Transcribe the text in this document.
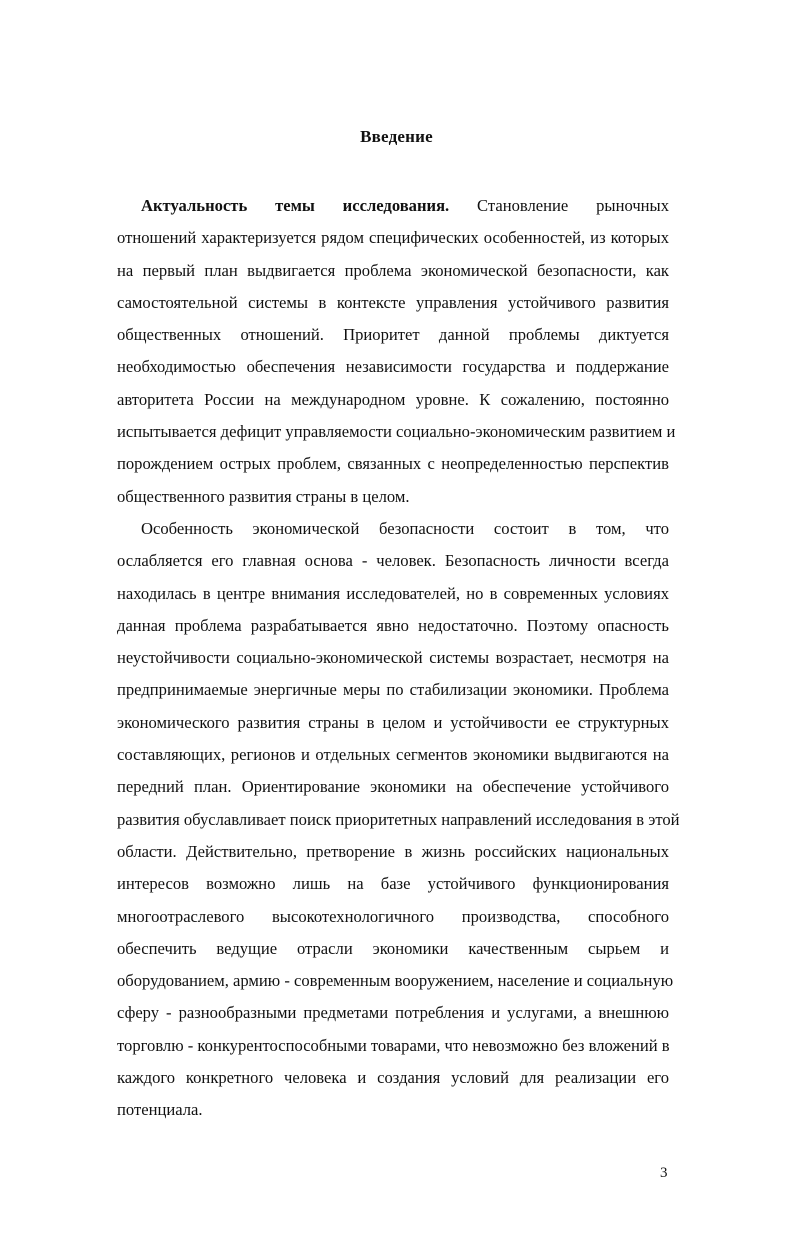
Введение
Актуальность темы исследования. Становление рыночных
отношений характеризуется рядом специфических особенностей, из которых
на первый план выдвигается проблема экономической безопасности, как
самостоятельной системы в контексте управления устойчивого развития
общественных отношений. Приоритет данной проблемы диктуется
необходимостью обеспечения независимости государства и поддержание
авторитета России на международном уровне. К сожалению, постоянно
испытывается дефицит управляемости социально-экономическим развитием и
порождением острых проблем, связанных с неопределенностью перспектив
общественного развития страны в целом.
Особенность экономической безопасности состоит в том, что
ослабляется его главная основа - человек. Безопасность личности всегда
находилась в центре внимания исследователей, но в современных условиях
данная проблема разрабатывается явно недостаточно. Поэтому опасность
неустойчивости социально-экономической системы возрастает, несмотря на
предпринимаемые энергичные меры по стабилизации экономики. Проблема
экономического развития страны в целом и устойчивости ее структурных
составляющих, регионов и отдельных сегментов экономики выдвигаются на
передний план. Ориентирование экономики на обеспечение устойчивого
развития обуславливает поиск приоритетных направлений исследования в этой
области. Действительно, претворение в жизнь российских национальных
интересов возможно лишь на базе устойчивого функционирования
многоотраслевого высокотехнологичного производства, способного
обеспечить ведущие отрасли экономики качественным сырьем и
оборудованием, армию - современным вооружением, население и социальную
сферу - разнообразными предметами потребления и услугами, а внешнюю
торговлю - конкурентоспособными товарами, что невозможно без вложений в
каждого конкретного человека и создания условий для реализации его
потенциала.
3
